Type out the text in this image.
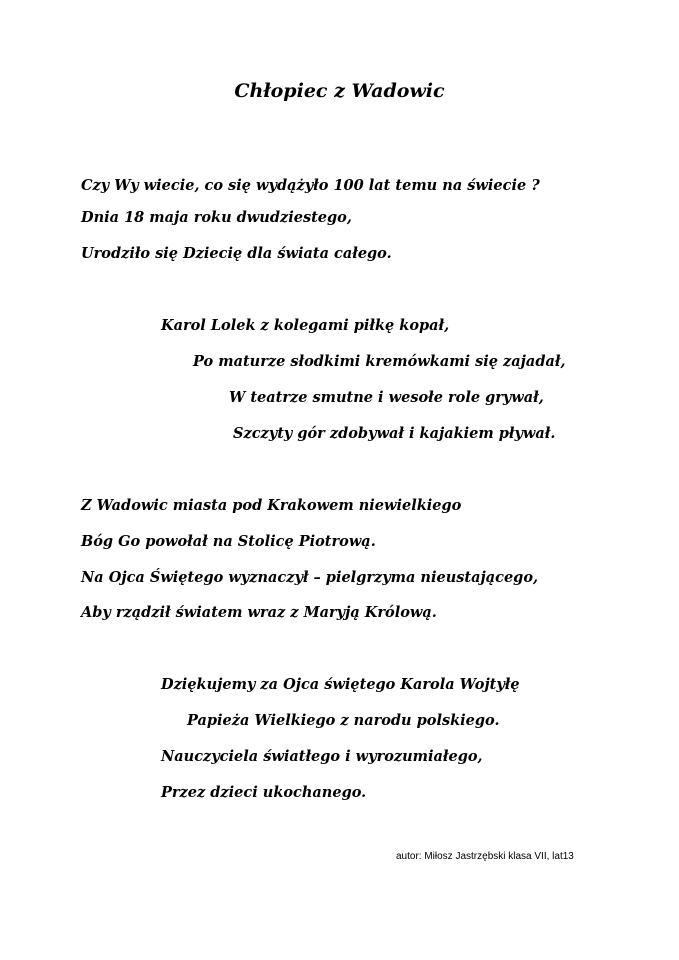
Chłopiec z Wadowic
Czy Wy wiecie, co się wydążyło 100 lat temu na świecie ?
Dnia 18 maja roku dwudziestego,
Urodziło się Dziecię dla świata całego.
Karol Lolek z kolegami piłkę kopał,
Po maturze słodkimi kremówkami się zajadał,
W teatrze smutne i wesołe role grywał,
Szczyty gór zdobywał i kajakiem pływał.
Z Wadowic miasta pod Krakowem niewielkiego
Bóg Go powołał na Stolicę Piotrową.
Na Ojca Świętego wyznaczył – pielgrzyma nieustającego,
Aby rządził światem wraz z Maryją Królową.
Dziękujemy za Ojca świętego Karola Wojtyłę
Papieża Wielkiego z narodu polskiego.
Nauczyciela światłego i wyrozumiałego,
Przez dzieci ukochanego.
autor: Miłosz Jastrzębski klasa VII, lat13
